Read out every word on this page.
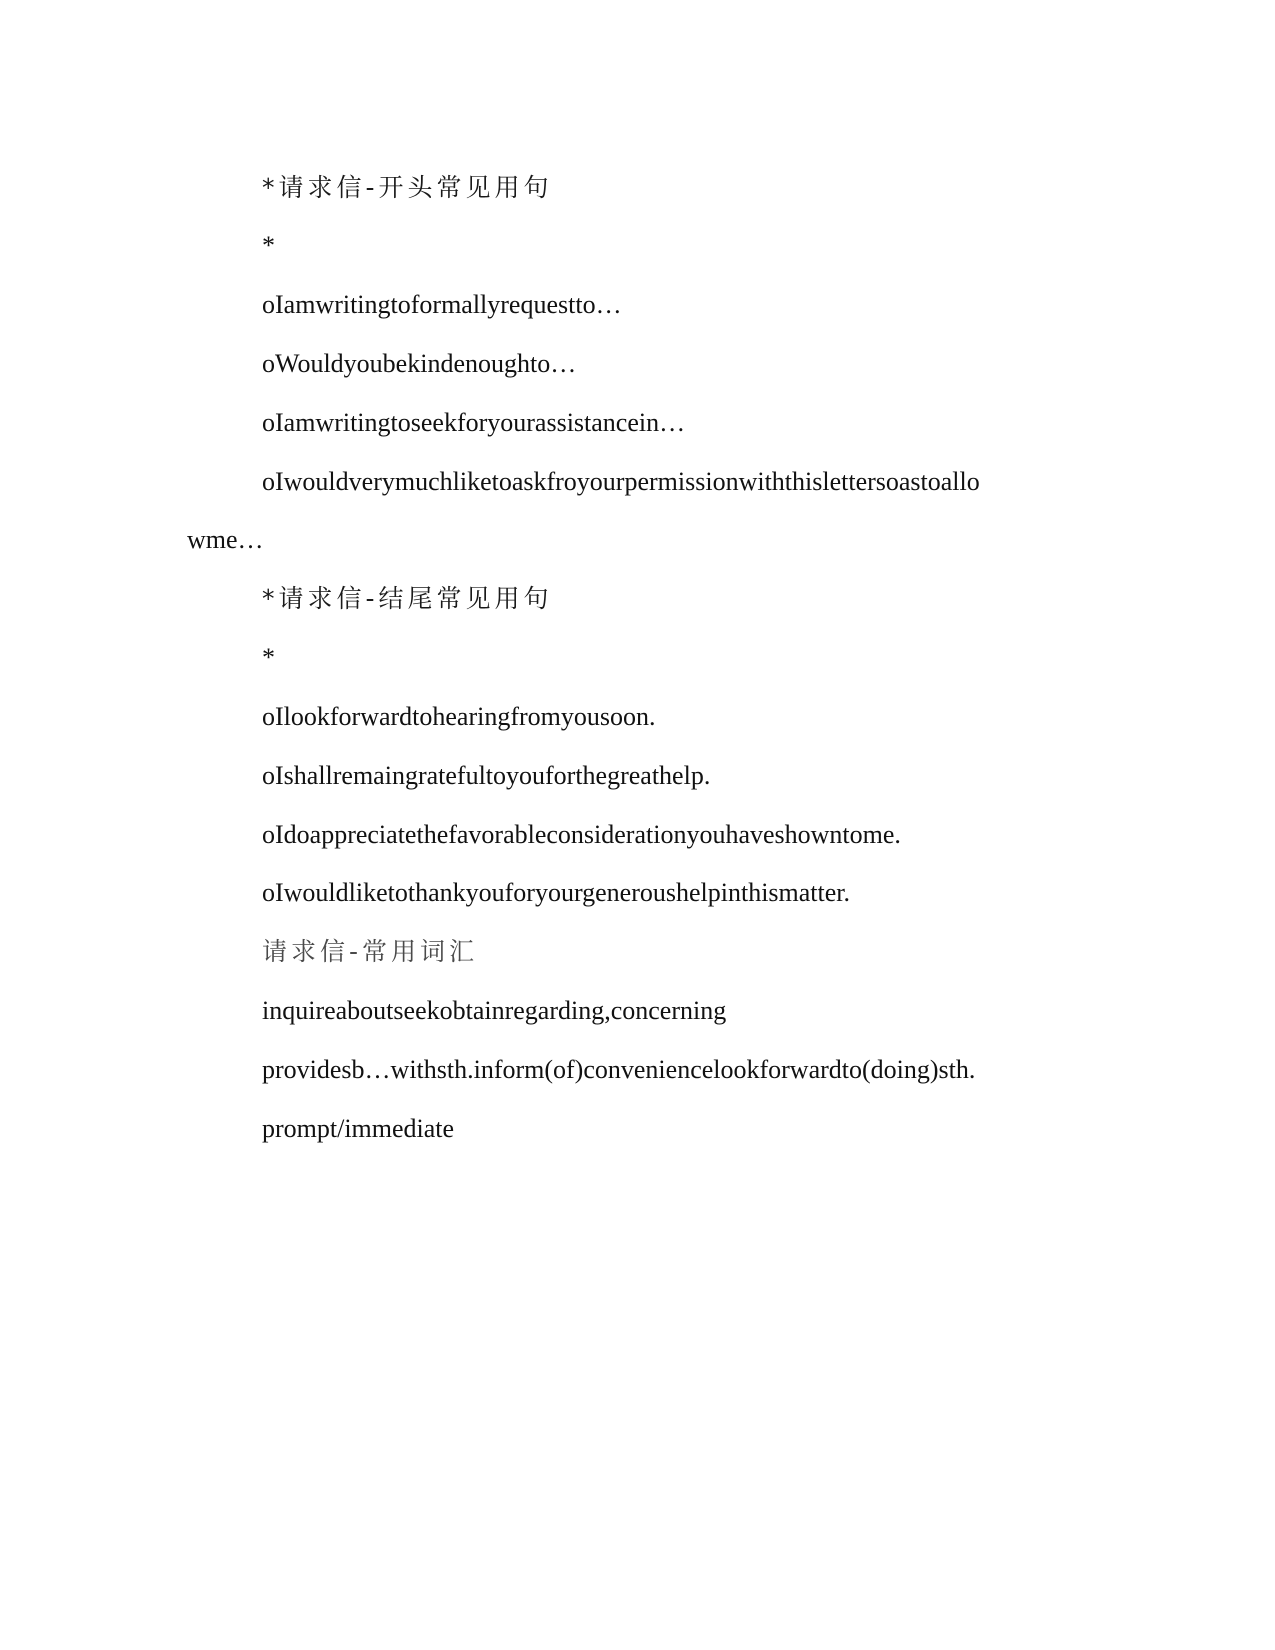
*请求信-开头常见用句

*

oIamwritingtoformallyrequestto…

oWouldyoubekindenoughto…

oIamwritingtoseekforyourassistancein…

oIwouldverymuchliketoaskfroyourpermissionwiththislettersoastoallo

wme…

*请求信-结尾常见用句

*

oIlookforwardtohearingfromyousoon.

oIshallremaingratefultoyouforthegreathelp.

oIdoappreciatethefavorableconsiderationyouhaveshowntome.

oIwouldliketothankyouforyourgeneroushelpinthismatter.

请求信-常用词汇

inquireaboutseekobtainregarding,concerning

providesb…withsth.inform(of)conveniencelookforwardto(doing)sth.

prompt/immediate
